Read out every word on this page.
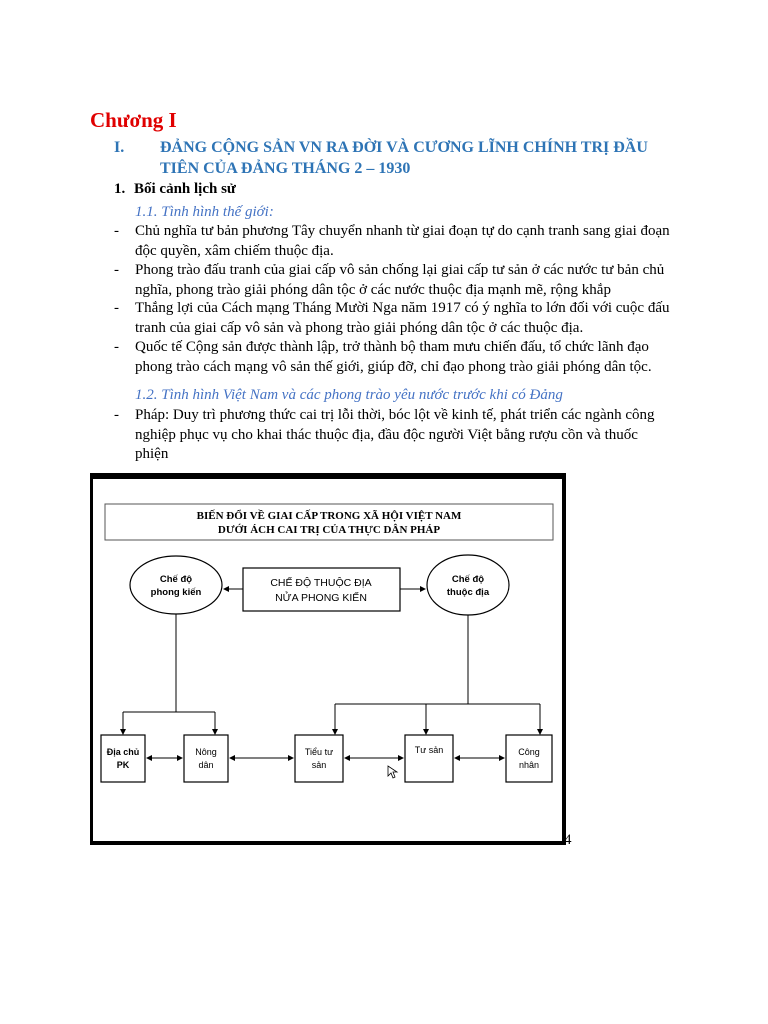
Chương I
I. ĐẢNG CỘNG SẢN VN RA ĐỜI VÀ CƯƠNG LĨNH CHÍNH TRỊ ĐẦU
TIÊN CỦA ĐẢNG THÁNG 2 – 1930
1. Bối cảnh lịch sử
1.1. Tình hình thế giới:
- Chủ nghĩa tư bản phương Tây chuyển nhanh từ giai đoạn tự do cạnh tranh sang giai đoạn
độc quyền, xâm chiếm thuộc địa.
- Phong trào đấu tranh của giai cấp vô sản chống lại giai cấp tư sản ở các nước tư bản chủ
nghĩa, phong trào giải phóng dân tộc ở các nước thuộc địa mạnh mẽ, rộng khắp
- Thắng lợi của Cách mạng Tháng Mười Nga năm 1917 có ý nghĩa to lớn đối với cuộc đấu
tranh của giai cấp vô sản và phong trào giải phóng dân tộc ở các thuộc địa.
- Quốc tế Cộng sản được thành lập, trở thành bộ tham mưu chiến đấu, tổ chức lãnh đạo
phong trào cách mạng vô sản thế giới, giúp đỡ, chỉ đạo phong trào giải phóng dân tộc.
1.2. Tình hình Việt Nam và các phong trào yêu nước trước khi có Đảng
- Pháp: Duy trì phương thức cai trị lỗi thời, bóc lột về kinh tế, phát triển các ngành công
nghiệp phục vụ cho khai thác thuộc địa, đầu độc người Việt bằng rượu cồn và thuốc
phiện
BIẾN ĐỔI VỀ GIAI CẤP TRONG XÃ HỘI VIỆT NAM
DƯỚI ÁCH CAI TRỊ CỦA THỰC DÂN PHÁP
CHẾ ĐỘ THUỘC ĐỊA
NỬA PHONG KIẾN
Chế độ
phong kiến
Chế độ
thuộc địa
Địa chủ
PK
Nông
dân
Tiểu tư
sản
Tư sản	Công
nhân
4
